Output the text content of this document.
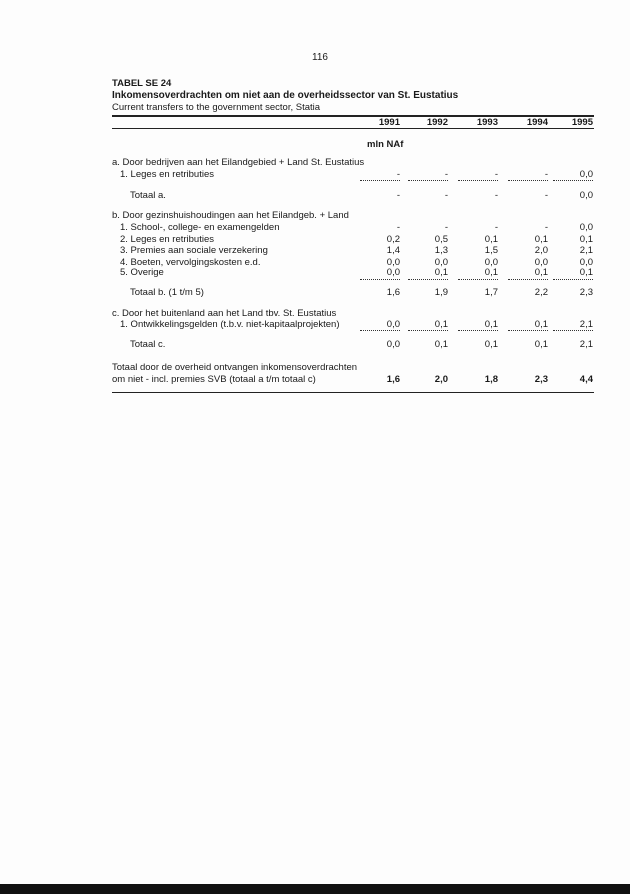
116
TABEL SE 24
Inkomensoverdrachten om niet aan de overheidssector van St. Eustatius
Current transfers to the government sector, Statia
1991	1992	1993	1994	1995
mln NAf
a. Door bedrijven aan het Eilandgebied + Land St. Eustatius
1. Leges en retributies	-	-	-	-	0,0
Totaal a.	-	-	-	-	0,0
b. Door gezinshuishoudingen aan het Eilandgeb. + Land
1. School-, college- en examengelden	-	-	-	-	0,0
2. Leges en retributies	0,2	0,5	0,1	0,1	0,1
3. Premies aan sociale verzekering	1,4	1,3	1,5	2,0	2,1
4. Boeten, vervolgingskosten e.d.	0,0	0,0	0,0	0,0	0,0
5. Overige	0,0	0,1	0,1	0,1	0,1
Totaal b. (1 t/m 5)	1,6	1,9	1,7	2,2	2,3
c. Door het buitenland aan het Land tbv. St. Eustatius
1. Ontwikkelingsgelden (t.b.v. niet-kapitaalprojekten)	0,0	0,1	0,1	0,1	2,1
Totaal c.	0,0	0,1	0,1	0,1	2,1
Totaal door de overheid ontvangen inkomensoverdrachten
om niet - incl. premies SVB (totaal a t/m totaal c)	1,6	2,0	1,8	2,3	4,4
